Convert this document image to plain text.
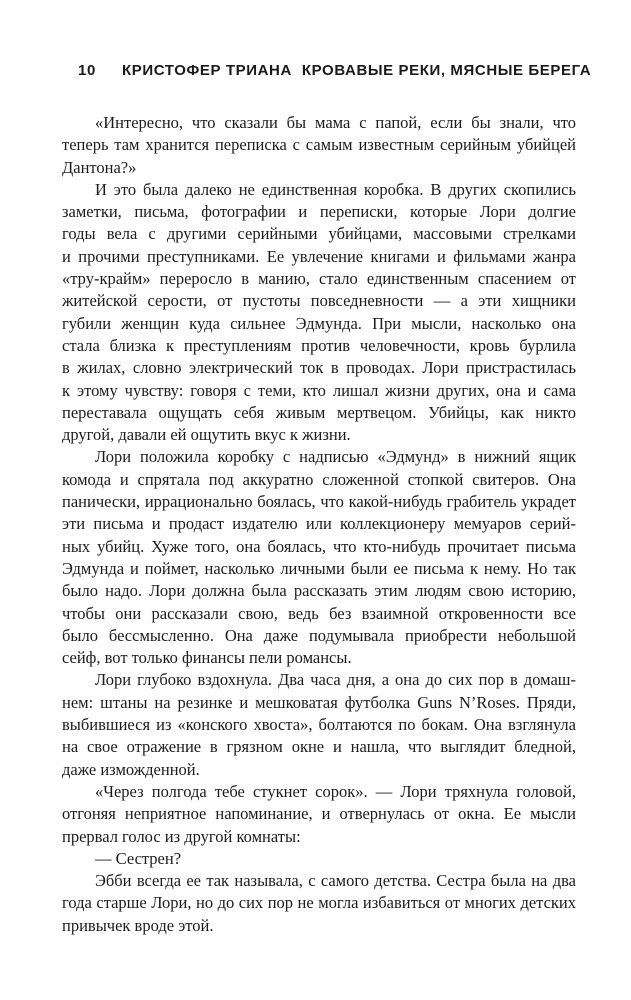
10 КРИСТОФЕР ТРИАНА КРОВАВЫЕ РЕКИ, МЯСНЫЕ БЕРЕГА
«Интересно, что сказали бы мама с папой, если бы знали, что
теперь там хранится переписка с самым известным серийным убийцей
Дантона?»
И это была далеко не единственная коробка. В других скопились
заметки, письма, фотографии и переписки, которые Лори долгие
годы вела с другими серийными убийцами, массовыми стрелками
и прочими преступниками. Ее увлечение книгами и фильмами жанра
«тру-крайм» переросло в манию, стало единственным спасением от
житейской серости, от пустоты повседневности — а эти хищники
губили женщин куда сильнее Эдмунда. При мысли, насколько она
стала близка к преступлениям против человечности, кровь бурлила
в жилах, словно электрический ток в проводах. Лори пристрастилась
к этому чувству: говоря с теми, кто лишал жизни других, она и сама
переставала ощущать себя живым мертвецом. Убийцы, как никто
другой, давали ей ощутить вкус к жизни.
Лори положила коробку с надписью «Эдмунд» в нижний ящик
комода и спрятала под аккуратно сложенной стопкой свитеров. Она
панически, иррационально боялась, что какой-нибудь грабитель украдет
эти письма и продаст издателю или коллекционеру мемуаров серий-
ных убийц. Хуже того, она боялась, что кто-нибудь прочитает письма
Эдмунда и поймет, насколько личными были ее письма к нему. Но так
было надо. Лори должна была рассказать этим людям свою историю,
чтобы они рассказали свою, ведь без взаимной откровенности все
было бессмысленно. Она даже подумывала приобрести небольшой
сейф, вот только финансы пели романсы.
Лори глубоко вздохнула. Два часа дня, а она до сих пор в домаш-
нем: штаны на резинке и мешковатая футболка Guns N’Roses. Пряди,
выбившиеся из «конского хвоста», болтаются по бокам. Она взглянула
на свое отражение в грязном окне и нашла, что выглядит бледной,
даже изможденной.
«Через полгода тебе стукнет сорок». — Лори тряхнула головой,
отгоняя неприятное напоминание, и отвернулась от окна. Ее мысли
прервал голос из другой комнаты:
— Сестрен?
Эбби всегда ее так называла, с самого детства. Сестра была на два
года старше Лори, но до сих пор не могла избавиться от многих детских
привычек вроде этой.
